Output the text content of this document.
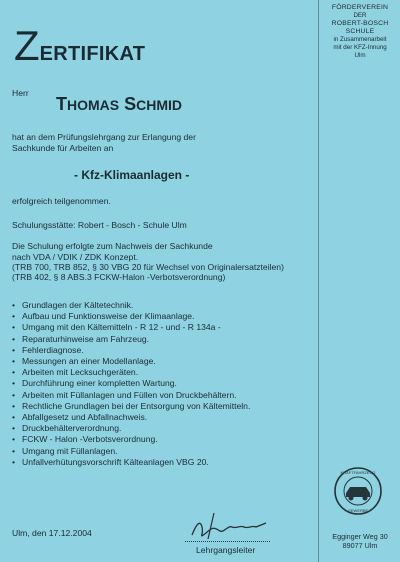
FÖRDERVEREIN
DER
ROBERT-BOSCH
SCHULE
in Zusammenarbeit
mit der KFZ-Innung
Ulm
KRAFTFAHRZEUG
GEWERBE
Egginger Weg 30
89077 Ulm
ZERTIFIKAT
Herr
THOMAS SCHMID
hat an dem Prüfungslehrgang zur Erlangung der
Sachkunde für Arbeiten an
- Kfz-Klimaanlagen -
erfolgreich teilgenommen.
Schulungsstätte: Robert - Bosch - Schule Ulm
Die Schulung erfolgte zum Nachweis der Sachkunde
nach VDA / VDIK / ZDK Konzept.
(TRB 700, TRB 852, § 30 VBG 20 für Wechsel von Originalersatzteilen)
(TRB 402, § 8 ABS.3 FCKW-Halon -Verbotsverordnung)
• Grundlagen der Kältetechnik.
• Aufbau und Funktionsweise der Klimaanlage.
• Umgang mit den Kältemitteln - R 12 - und - R 134a -
• Reparaturhinweise am Fahrzeug.
• Fehlerdiagnose.
• Messungen an einer Modellanlage.
• Arbeiten mit Lecksuchgeräten.
• Durchführung einer kompletten Wartung.
• Arbeiten mit Füllanlagen und Füllen von Druckbehältern.
• Rechtliche Grundlagen bei der Entsorgung von Kältemitteln.
• Abfallgesetz und Abfallnachweis.
• Druckbehälterverordnung.
• FCKW - Halon -Verbotsverordnung.
• Umgang mit Füllanlagen.
• Unfallverhütungsvorschrift Kälteanlagen VBG 20.
Ulm, den 17.12.2004
Lehrgangsleiter
